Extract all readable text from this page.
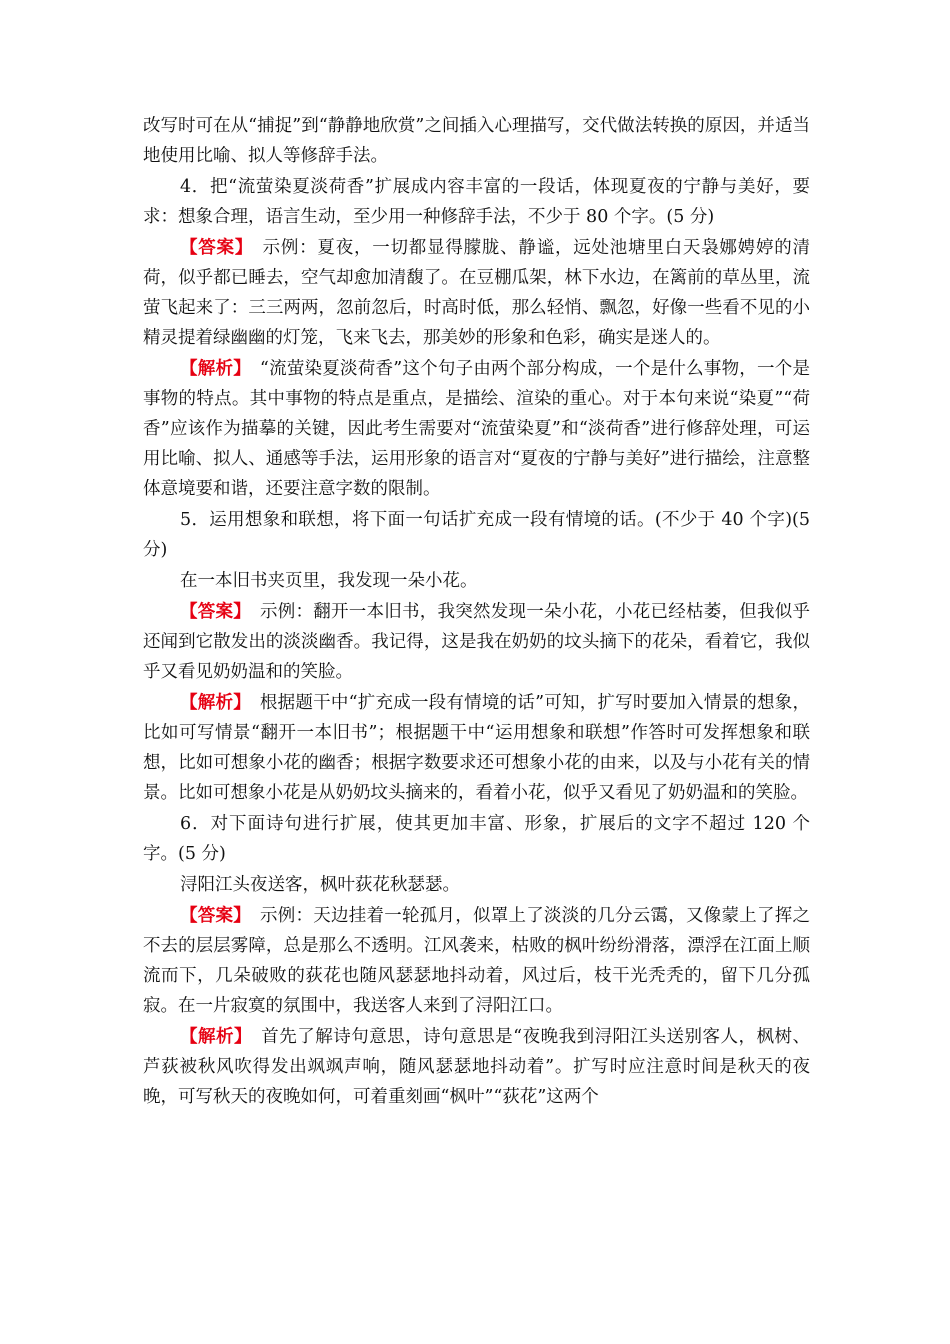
改写时可在从“捕捉”到“静静地欣赏”之间插入心理描写，交代做法转换的原因，并适当地使用比喻、拟人等修辞手法。

4．把“流萤染夏淡荷香”扩展成内容丰富的一段话，体现夏夜的宁静与美好，要求：想象合理，语言生动，至少用一种修辞手法，不少于 80 个字。(5 分)

【答案】　示例：夏夜，一切都显得朦胧、静谧，远处池塘里白天袅娜娉婷的清荷，似乎都已睡去，空气却愈加清馥了。在豆棚瓜架，林下水边，在篱前的草丛里，流萤飞起来了：三三两两，忽前忽后，时高时低，那么轻悄、飘忽，好像一些看不见的小精灵提着绿幽幽的灯笼，飞来飞去，那美妙的形象和色彩，确实是迷人的。

【解析】　“流萤染夏淡荷香”这个句子由两个部分构成，一个是什么事物，一个是事物的特点。其中事物的特点是重点，是描绘、渲染的重心。对于本句来说“染夏”“荷香”应该作为描摹的关键，因此考生需要对“流萤染夏”和“淡荷香”进行修辞处理，可运用比喻、拟人、通感等手法，运用形象的语言对“夏夜的宁静与美好”进行描绘，注意整体意境要和谐，还要注意字数的限制。

5．运用想象和联想，将下面一句话扩充成一段有情境的话。(不少于 40 个字)(5 分)

在一本旧书夹页里，我发现一朵小花。

【答案】　示例：翻开一本旧书，我突然发现一朵小花，小花已经枯萎，但我似乎还闻到它散发出的淡淡幽香。我记得，这是我在奶奶的坟头摘下的花朵，看着它，我似乎又看见奶奶温和的笑脸。

【解析】　根据题干中“扩充成一段有情境的话”可知，扩写时要加入情景的想象，比如可写情景“翻开一本旧书”；根据题干中“运用想象和联想”作答时可发挥想象和联想，比如可想象小花的幽香；根据字数要求还可想象小花的由来，以及与小花有关的情景。比如可想象小花是从奶奶坟头摘来的，看着小花，似乎又看见了奶奶温和的笑脸。

6．对下面诗句进行扩展，使其更加丰富、形象，扩展后的文字不超过 120 个字。(5 分)

浔阳江头夜送客，枫叶荻花秋瑟瑟。

【答案】　示例：天边挂着一轮孤月，似罩上了淡淡的几分云霭，又像蒙上了挥之不去的层层雾障，总是那么不透明。江风袭来，枯败的枫叶纷纷滑落，漂浮在江面上顺流而下，几朵破败的荻花也随风瑟瑟地抖动着，风过后，枝干光秃秃的，留下几分孤寂。在一片寂寞的氛围中，我送客人来到了浔阳江口。

【解析】　首先了解诗句意思，诗句意思是“夜晚我到浔阳江头送别客人，枫树、芦荻被秋风吹得发出飒飒声响，随风瑟瑟地抖动着”。扩写时应注意时间是秋天的夜晚，可写秋天的夜晚如何，可着重刻画“枫叶”“荻花”这两个
